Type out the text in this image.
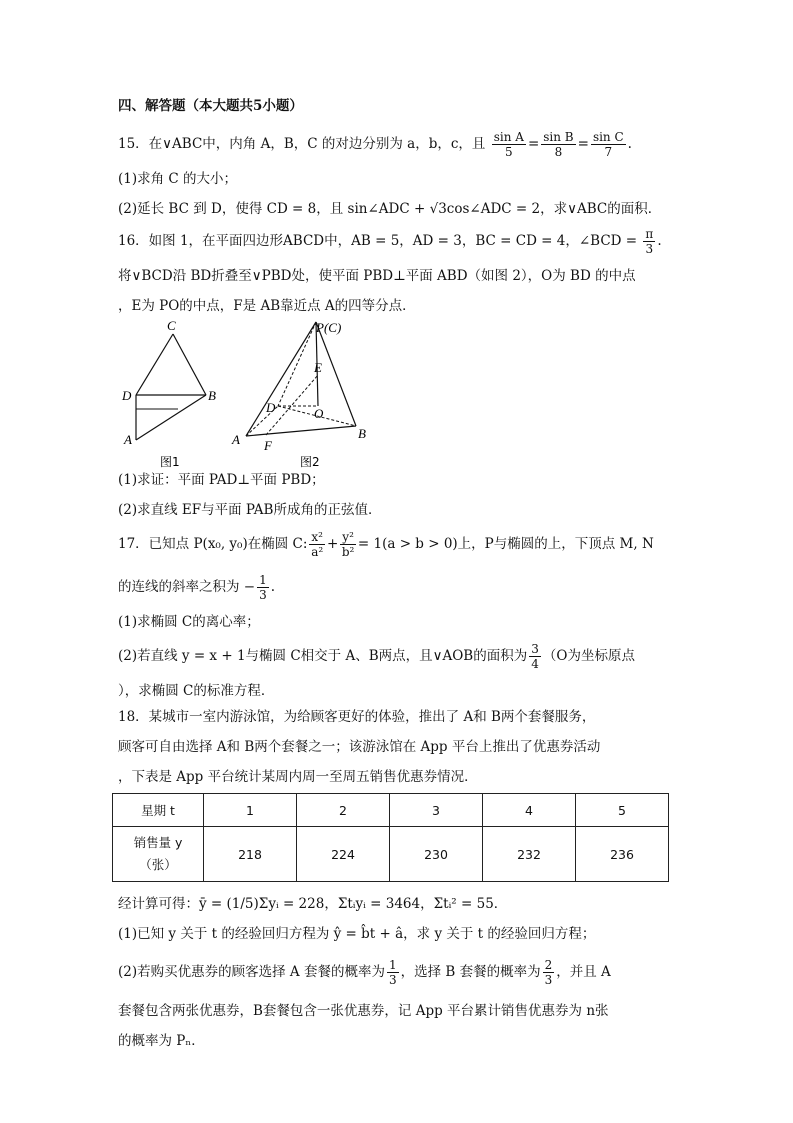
四、解答题（本大题共5小题）

15．在∨ABC中，内角 A，B，C 的对边分别为 a，b，c，且 $\frac{\text{sin A}}{5} = \frac{\text{sin B}}{8} = \frac{\text{sin C}}{7}$ .

(1)求角 C 的大小；

(2)延长 BC 到 D，使得 CD = 8，且 sin∠ADC + √3cos∠ADC = 2，求∨ABC的面积．

16．如图 1，在平面四边形ABCD中，AB = 5，AD = 3，BC = CD = 4，∠BCD = $\frac{\pi}{3}$ .

将∨BCD沿 BD折叠至∨PBD处，使平面 PBD⊥平面 ABD（如图 2），O为 BD 的中点

，E为 PO的中点，F是 AB靠近点 A的四等分点．

C
D	B
A
图1
P(C)
E
D	O
A F
B
图2

(1)求证：平面 PAD⊥平面 PBD；

(2)求直线 EF与平面 PAB所成角的正弦值．

17．已知点 P(x₀, y₀)在椭圆 C: $\frac{\text{x²}}{\text{a²}} + \frac{\text{y²}}{\text{b²}} = 1(a > b > 0)$上，P与椭圆的上，下顶点 M, N

的连线的斜率之积为 − $\frac{1}{3}$ .

(1)求椭圆 C的离心率；

(2)若直线 y = x + 1与椭圆 C相交于 A、B两点，且∨AOB的面积为 $\frac{3}{4} (O$为坐标原点

），求椭圆 C的标准方程．

18．某城市一室内游泳馆，为给顾客更好的体验，推出了 A和 B两个套餐服务，

顾客可自由选择 A和 B两个套餐之一；该游泳馆在 App 平台上推出了优惠券活动

，下表是 App 平台统计某周内周一至周五销售优惠券情况．

星期 t	1	2	3	4	5
销售量 y（张）	218	224	230	232	236

经计算可得：ȳ = (1/5)Σyᵢ = 228，Σtᵢyᵢ = 3464，Σtᵢ² = 55．

(1)已知 y 关于 t 的经验回归方程为 ŷ = b̂t + â，求 y 关于 t 的经验回归方程；

(2)若购买优惠券的顾客选择 A 套餐的概率为 $\frac{1}{3}$ ，选择 B 套餐的概率为 $\frac{2}{3}$ ，并且 A

套餐包含两张优惠券，B套餐包含一张优惠券，记 App 平台累计销售优惠券为 n张

的概率为 Pₙ．
